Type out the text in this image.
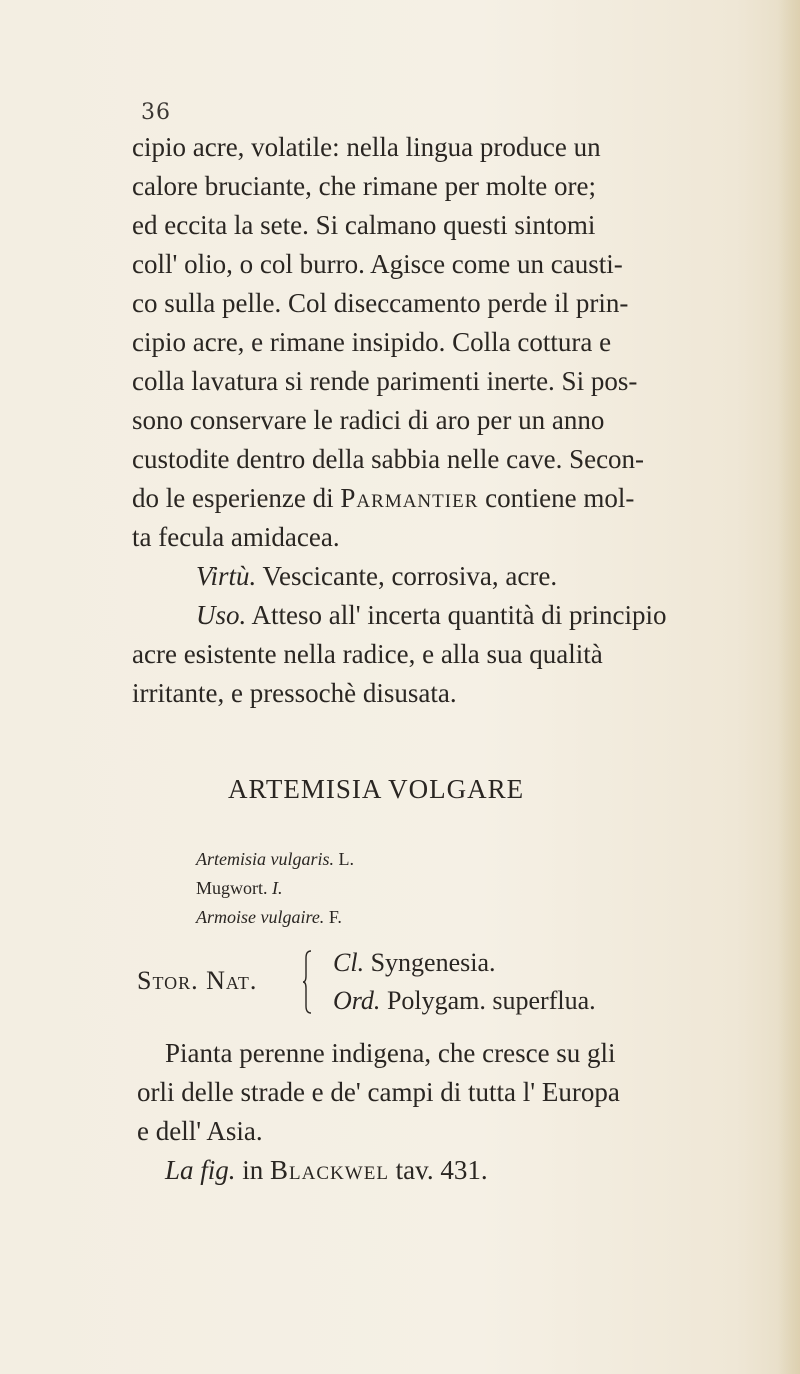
36
cipio acre, volatile: nella lingua produce un
calore bruciante, che rimane per molte ore;
ed eccita la sete. Si calmano questi sintomi
coll' olio, o col burro. Agisce come un causti-
co sulla pelle. Col diseccamento perde il prin-
cipio acre, e rimane insipido. Colla cottura e
colla lavatura si rende parimenti inerte. Si pos-
sono conservare le radici di aro per un anno
custodite dentro della sabbia nelle cave. Secon-
do le esperienze di Parmantier contiene mol-
ta fecula amidacea.
Virtù. Vescicante, corrosiva, acre.
Uso. Atteso all' incerta quantità di principio
acre esistente nella radice, e alla sua qualità
irritante, e pressochè disusata.
ARTEMISIA VOLGARE
Artemisia vulgaris. L.
Mugwort. I.
Armoise vulgaire. F.
Stor. Nat.
Cl. Syngenesia.
Ord. Polygam. superflua.
Pianta perenne indigena, che cresce su gli
orli delle strade e de' campi di tutta l' Europa
e dell' Asia.
La fig. in Blackwel tav. 431.
